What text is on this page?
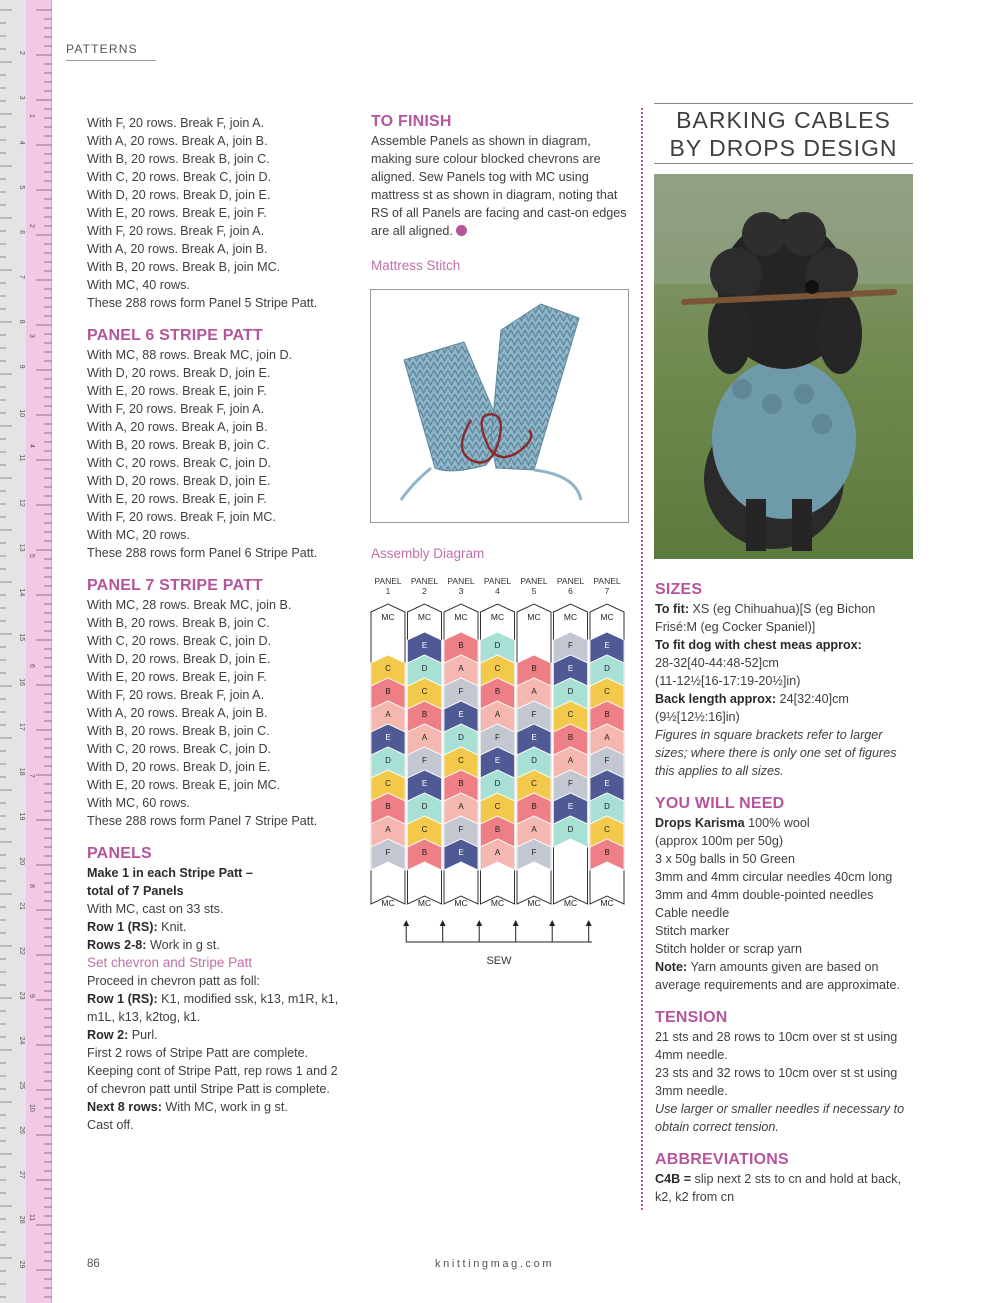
2
3
4
5
6
7
8
9
10
11
12
13
14
15
16
17
18
19
20
21
22
23
24
25
26
27
28
29
1
2
3
4
5
6
7
8
9
10
11
PATTERNS
With F, 20 rows. Break F, join A.
With A, 20 rows. Break A, join B.
With B, 20 rows. Break B, join C.
With C, 20 rows. Break C, join D.
With D, 20 rows. Break D, join E.
With E, 20 rows. Break E, join F.
With F, 20 rows. Break F, join A.
With A, 20 rows. Break A, join B.
With B, 20 rows. Break B, join MC.
With MC, 40 rows.
These 288 rows form Panel 5 Stripe Patt.
PANEL 6 STRIPE PATT
With MC, 88 rows. Break MC, join D.
With D, 20 rows. Break D, join E.
With E, 20 rows. Break E, join F.
With F, 20 rows. Break F, join A.
With A, 20 rows. Break A, join B.
With B, 20 rows. Break B, join C.
With C, 20 rows. Break C, join D.
With D, 20 rows. Break D, join E.
With E, 20 rows. Break E, join F.
With F, 20 rows. Break F, join MC.
With MC, 20 rows.
These 288 rows form Panel 6 Stripe Patt.
PANEL 7 STRIPE PATT
With MC, 28 rows. Break MC, join B.
With B, 20 rows. Break B, join C.
With C, 20 rows. Break C, join D.
With D, 20 rows. Break D, join E.
With E, 20 rows. Break E, join F.
With F, 20 rows. Break F, join A.
With A, 20 rows. Break A, join B.
With B, 20 rows. Break B, join C.
With C, 20 rows. Break C, join D.
With D, 20 rows. Break D, join E.
With E, 20 rows. Break E, join MC.
With MC, 60 rows.
These 288 rows form Panel 7 Stripe Patt.
PANELS
Make 1 in each Stripe Patt –
total of 7 Panels
With MC, cast on 33 sts.
Row 1 (RS): Knit.
Rows 2-8: Work in g st.
Set chevron and Stripe Patt
Proceed in chevron patt as foll:
Row 1 (RS): K1, modified ssk, k13, m1R, k1, m1L, k13, k2tog, k1.
Row 2: Purl.
First 2 rows of Stripe Patt are complete.
Keeping cont of Stripe Patt, rep rows 1 and 2 of chevron patt until Stripe Patt is complete.
Next 8 rows: With MC, work in g st.
Cast off.
TO FINISH
Assemble Panels as shown in diagram, making sure colour blocked chevrons are aligned. Sew Panels tog with MC using mattress st as shown in diagram, noting that RS of all Panels are facing and cast-on edges are all aligned.
Mattress Stitch
Assembly Diagram
PANEL
1
MC
C
B
A
E
D
C
B
A
F
MC
PANEL
2
MC
E
D
C
B
A
F
E
D
C
B
MC
PANEL
3
MC
B
A
F
E
D
C
B
A
F
E
MC
PANEL
4
MC
D
C
B
A
F
E
D
C
B
A
MC
PANEL
5
MC
B
A
F
E
D
C
B
A
F
MC
PANEL
6
MC
F
E
D
C
B
A
F
E
D
MC
PANEL
7
MC
E
D
C
B
A
F
E
D
C
B
MC
SEW
BARKING CABLES
BY DROPS DESIGN
SIZES
To fit: XS (eg Chihuahua)[S (eg Bichon Frisé:M (eg Cocker Spaniel)]
To fit dog with chest meas approx:
28-32[40-44:48-52]cm
(11-12½[16-17:19-20½]in)
Back length approx: 24[32:40]cm
(9½[12½:16]in)
Figures in square brackets refer to larger sizes; where there is only one set of figures this applies to all sizes.
YOU WILL NEED
Drops Karisma 100% wool
(approx 100m per 50g)
3 x 50g balls in 50 Green
3mm and 4mm circular needles 40cm long
3mm and 4mm double-pointed needles
Cable needle
Stitch marker
Stitch holder or scrap yarn
Note: Yarn amounts given are based on average requirements and are approximate.
TENSION
21 sts and 28 rows to 10cm over st st using 4mm needle.
23 sts and 32 rows to 10cm over st st using 3mm needle.
Use larger or smaller needles if necessary to obtain correct tension.
ABBREVIATIONS
C4B = slip next 2 sts to cn and hold at back, k2, k2 from cn
86	knittingmag.com
